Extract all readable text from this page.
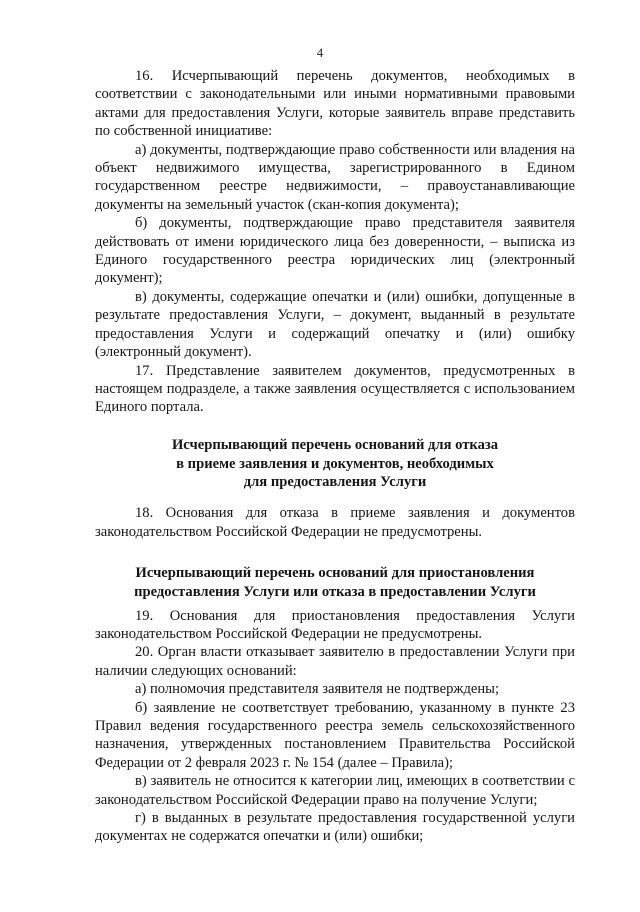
4

16. Исчерпывающий перечень документов, необходимых в соответствии с законодательными или иными нормативными правовыми актами для предоставления Услуги, которые заявитель вправе представить по собственной инициативе:

а) документы, подтверждающие право собственности или владения на объект недвижимого имущества, зарегистрированного в Едином государственном реестре недвижимости, – правоустанавливающие документы на земельный участок (скан-копия документа);

б) документы, подтверждающие право представителя заявителя действовать от имени юридического лица без доверенности, – выписка из Единого государственного реестра юридических лиц (электронный документ);

в) документы, содержащие опечатки и (или) ошибки, допущенные в результате предоставления Услуги, – документ, выданный в результате предоставления Услуги и содержащий опечатку и (или) ошибку (электронный документ).

17. Представление заявителем документов, предусмотренных в настоящем подразделе, а также заявления осуществляется с использованием Единого портала.

Исчерпывающий перечень оснований для отказа
в приеме заявления и документов, необходимых
для предоставления Услуги

18. Основания для отказа в приеме заявления и документов законодательством Российской Федерации не предусмотрены.

Исчерпывающий перечень оснований для приостановления
предоставления Услуги или отказа в предоставлении Услуги

19. Основания для приостановления предоставления Услуги законодательством Российской Федерации не предусмотрены.

20. Орган власти отказывает заявителю в предоставлении Услуги при наличии следующих оснований:

а) полномочия представителя заявителя не подтверждены;

б) заявление не соответствует требованию, указанному в пункте 23 Правил ведения государственного реестра земель сельскохозяйственного назначения, утвержденных постановлением Правительства Российской Федерации от 2 февраля 2023 г. № 154 (далее – Правила);

в) заявитель не относится к категории лиц, имеющих в соответствии с законодательством Российской Федерации право на получение Услуги;

г) в выданных в результате предоставления государственной услуги документах не содержатся опечатки и (или) ошибки;
